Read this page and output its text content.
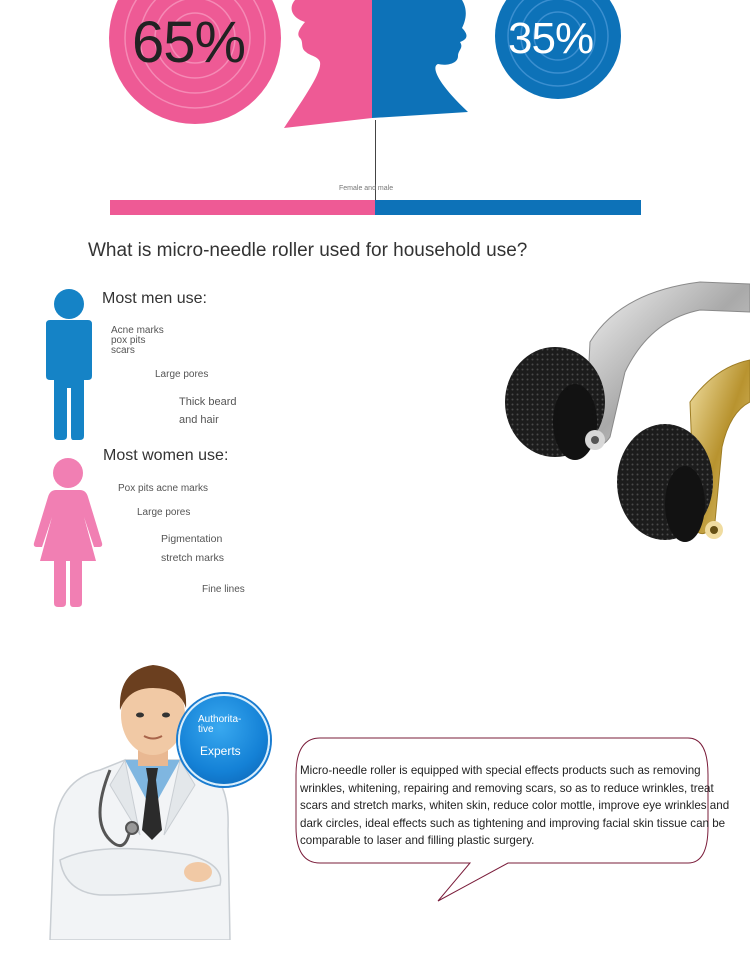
65%	35%
Female and male
What is micro-needle roller used for household use?
Most men use:
Acne marks
pox pits
scars
Large pores
Thick beard
and hair
Most women use:
Pox pits acne marks
Large pores
Pigmentation
stretch marks
Fine lines
Authorita-
tive
Experts
Micro-needle roller is equipped with special effects products such as removing wrinkles, whitening, repairing and removing scars, so as to reduce wrinkles, treat scars and stretch marks, whiten skin, reduce color mottle, improve eye wrinkles and dark circles, ideal effects such as tightening and improving facial skin tissue can be comparable to laser and filling plastic surgery.
